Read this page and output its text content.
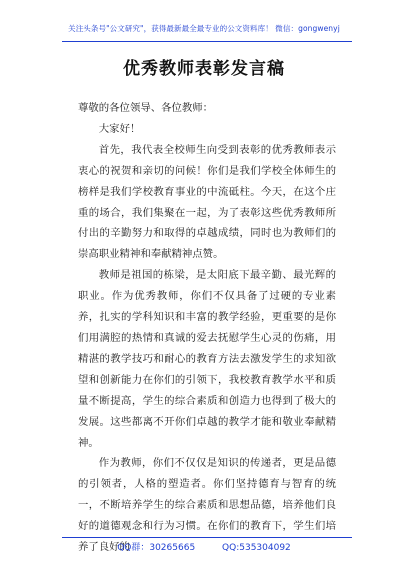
关注头条号"公文研究"，获得最新最全最专业的公文资料库！ 微信：gongwenyj
优秀教师表彰发言稿

尊敬的各位领导、各位教师：

大家好！

首先，我代表全校师生向受到表彰的优秀教师表示衷心的祝贺和亲切的问候！你们是我们学校全体师生的榜样是我们学校教育事业的中流砥柱。今天，在这个庄重的场合，我们集聚在一起，为了表彰这些优秀教师所付出的辛勤努力和取得的卓越成绩，同时也为教师们的崇高职业精神和奉献精神点赞。

教师是祖国的栋梁，是太阳底下最辛勤、最光辉的职业。作为优秀教师，你们不仅具备了过硬的专业素养，扎实的学科知识和丰富的教学经验，更重要的是你们用满腔的热情和真诚的爱去抚慰学生心灵的伤痛，用精湛的教学技巧和耐心的教育方法去激发学生的求知欲望和创新能力在你们的引领下，我校教育教学水平和质量不断提高，学生的综合素质和创造力也得到了极大的发展。这些都离不开你们卓越的教学才能和敬业奉献精神。

作为教师，你们不仅仅是知识的传递者，更是品德的引领者，人格的塑造者。你们坚持德育与智育的统一，不断培养学生的综合素质和思想品德，培养他们良好的道德观念和行为习惯。在你们的教育下，学生们培养了良好的

QQ群：30265665	QQ:535304092
